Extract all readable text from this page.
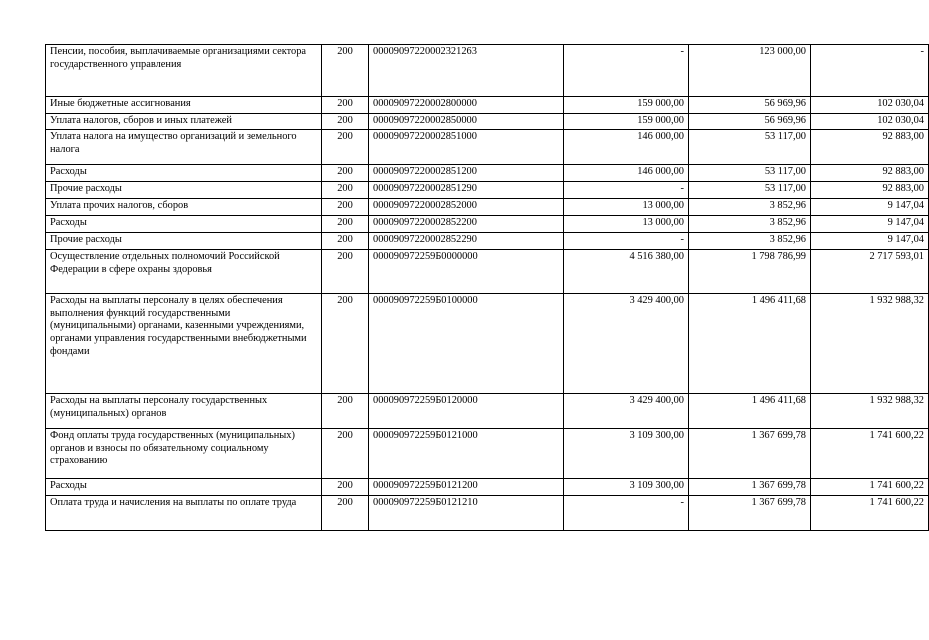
Пенсии, пособия, выплачиваемые организациями сектора государственного управления	200	00009097220002321263	-	123 000,00	-
Иные бюджетные ассигнования	200	00009097220002800000	159 000,00	56 969,96	102 030,04
Уплата налогов, сборов и иных платежей	200	00009097220002850000	159 000,00	56 969,96	102 030,04
Уплата налога на имущество организаций и земельного налога	200	00009097220002851000	146 000,00	53 117,00	92 883,00
Расходы	200	00009097220002851200	146 000,00	53 117,00	92 883,00
Прочие расходы	200	00009097220002851290	-	53 117,00	92 883,00
Уплата прочих налогов, сборов	200	00009097220002852000	13 000,00	3 852,96	9 147,04
Расходы	200	00009097220002852200	13 000,00	3 852,96	9 147,04
Прочие расходы	200	00009097220002852290	-	3 852,96	9 147,04
Осуществление отдельных полномочий Российской Федерации в сфере охраны здоровья	200	000090972259Б0000000	4 516 380,00	1 798 786,99	2 717 593,01
Расходы на выплаты персоналу в целях обеспечения выполнения функций государственными (муниципальными) органами, казенными учреждениями, органами управления государственными внебюджетными фондами	200	000090972259Б0100000	3 429 400,00	1 496 411,68	1 932 988,32
Расходы на выплаты персоналу государственных (муниципальных) органов	200	000090972259Б0120000	3 429 400,00	1 496 411,68	1 932 988,32
Фонд оплаты труда государственных (муниципальных) органов и взносы по обязательному социальному страхованию	200	000090972259Б0121000	3 109 300,00	1 367 699,78	1 741 600,22
Расходы	200	000090972259Б0121200	3 109 300,00	1 367 699,78	1 741 600,22
Оплата труда и начисления на выплаты по оплате труда	200	000090972259Б0121210	-	1 367 699,78	1 741 600,22
